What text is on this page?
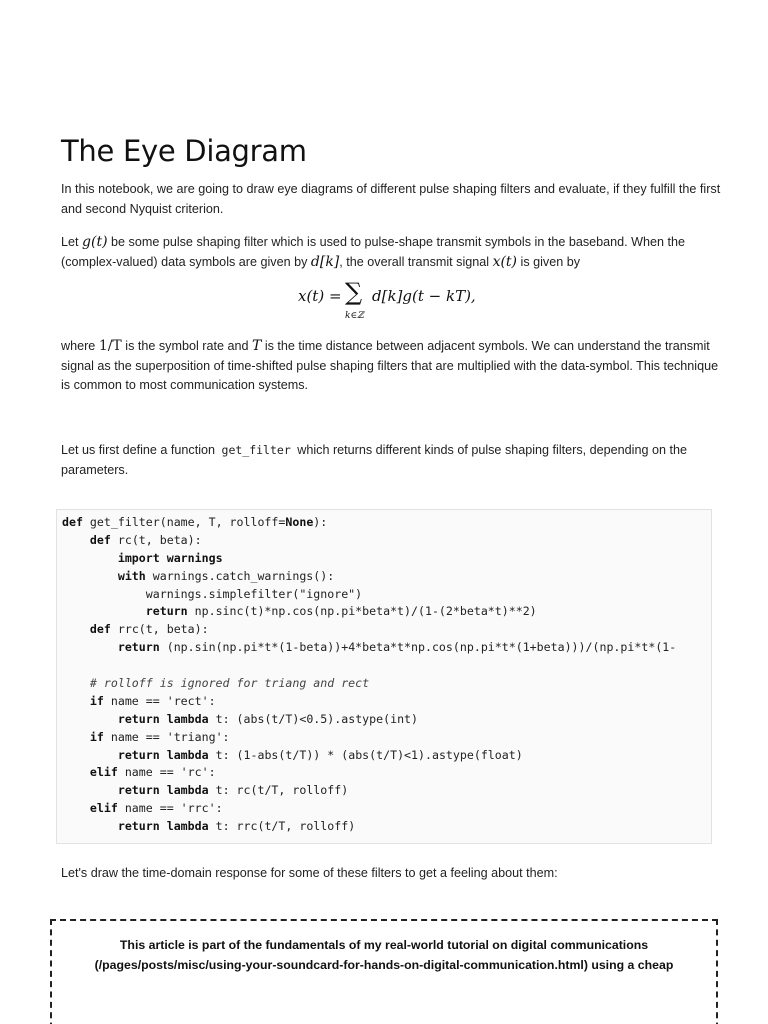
The Eye Diagram

In this notebook, we are going to draw eye diagrams of different pulse shaping filters and evaluate, if they fulfill the first and second Nyquist criterion.

Let g(t) be some pulse shaping filter which is used to pulse-shape transmit symbols in the baseband. When the (complex-valued) data symbols are given by d[k], the overall transmit signal x(t) is given by

x(t) = ∑
k∈ℤ
d[k]g(t − kT),

where 1/T is the symbol rate and T is the time distance between adjacent symbols. We can understand the transmit signal as the superposition of time-shifted pulse shaping filters that are multiplied with the data-symbol. This technique is common to most communication systems.

Let us first define a function get_filter which returns different kinds of pulse shaping filters, depending on the parameters.

def get_filter(name, T, rolloff=None):
def rc(t, beta):
import warnings
with warnings.catch_warnings():
warnings.simplefilter("ignore")
return np.sinc(t)*np.cos(np.pi*beta*t)/(1-(2*beta*t)**2)
def rrc(t, beta):
return (np.sin(np.pi*t*(1-beta))+4*beta*t*np.cos(np.pi*t*(1+beta)))/(np.pi*t*(1-
# rolloff is ignored for triang and rect
if name == 'rect':
return lambda t: (abs(t/T)<0.5).astype(int)
if name == 'triang':
return lambda t: (1-abs(t/T)) * (abs(t/T)<1).astype(float)
elif name == 'rc':
return lambda t: rc(t/T, rolloff)
elif name == 'rrc':
return lambda t: rrc(t/T, rolloff)

Let's draw the time-domain response for some of these filters to get a feeling about them:

This article is part of the fundamentals of my real-world tutorial on digital communications (/pages/posts/misc/using-your-soundcard-for-hands-on-digital-communication.html) using a cheap
